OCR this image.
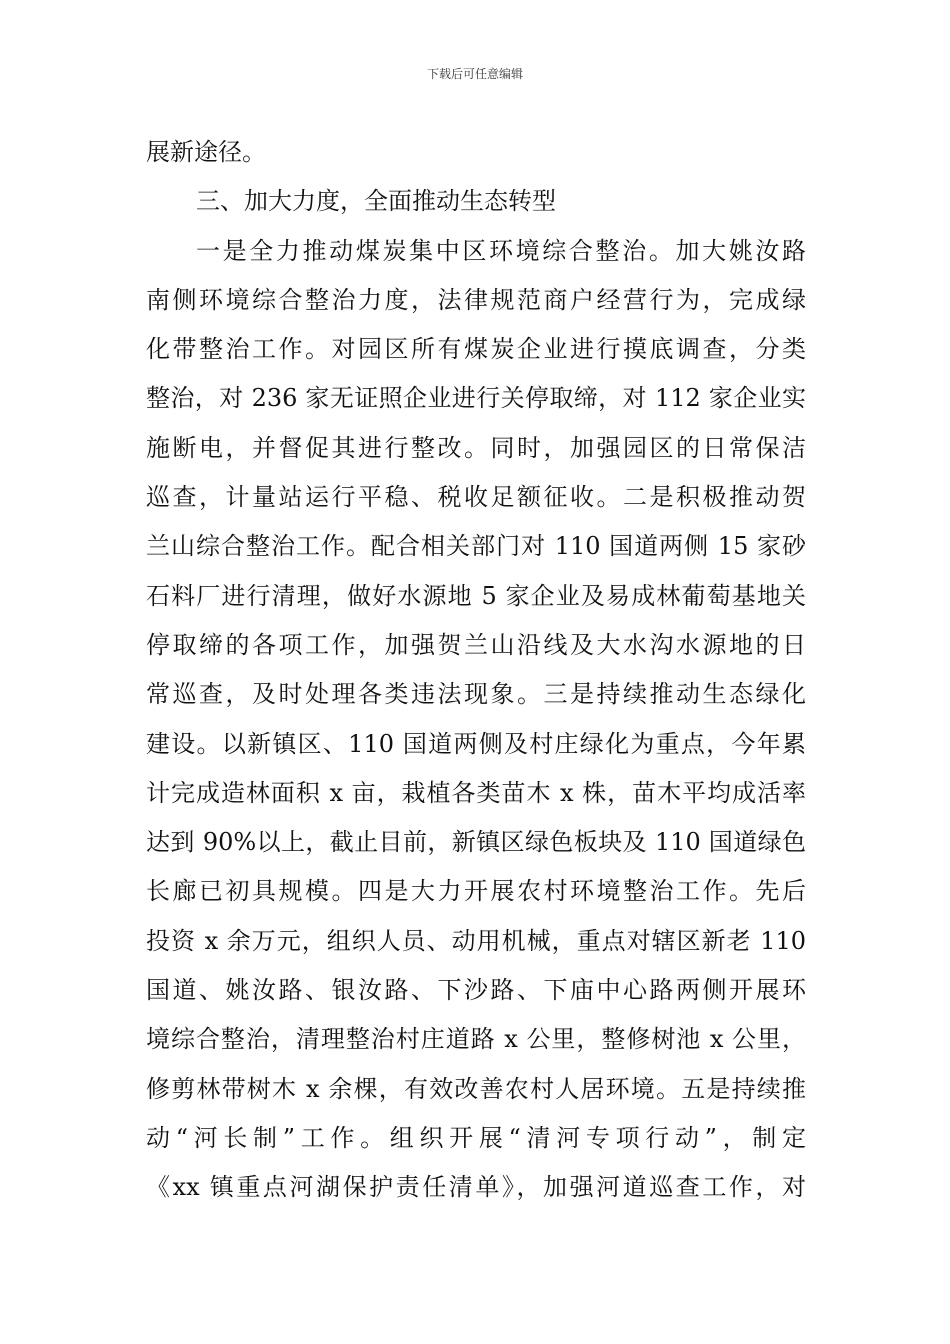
下载后可任意编辑
展新途径。
三、加大力度，全面推动生态转型
一是全力推动煤炭集中区环境综合整治。加大姚汝路
南侧环境综合整治力度，法律规范商户经营行为，完成绿
化带整治工作。对园区所有煤炭企业进行摸底调查，分类
整治，对 236 家无证照企业进行关停取缔，对 112 家企业实
施断电，并督促其进行整改。同时，加强园区的日常保洁
巡查，计量站运行平稳、税收足额征收。二是积极推动贺
兰山综合整治工作。配合相关部门对 110 国道两侧 15 家砂
石料厂进行清理，做好水源地 5 家企业及易成林葡萄基地关
停取缔的各项工作，加强贺兰山沿线及大水沟水源地的日
常巡查，及时处理各类违法现象。三是持续推动生态绿化
建设。以新镇区、110 国道两侧及村庄绿化为重点，今年累
计完成造林面积 x 亩，栽植各类苗木 x 株，苗木平均成活率
达到 90%以上，截止目前，新镇区绿色板块及 110 国道绿色
长廊已初具规模。四是大力开展农村环境整治工作。先后
投资 x 余万元，组织人员、动用机械，重点对辖区新老 110
国道、姚汝路、银汝路、下沙路、下庙中心路两侧开展环
境综合整治，清理整治村庄道路 x 公里，整修树池 x 公里，
修剪林带树木 x 余棵，有效改善农村人居环境。五是持续推
动“河长制”工作。组织开展“清河专项行动”，制定
《xx 镇重点河湖保护责任清单》，加强河道巡查工作，对
